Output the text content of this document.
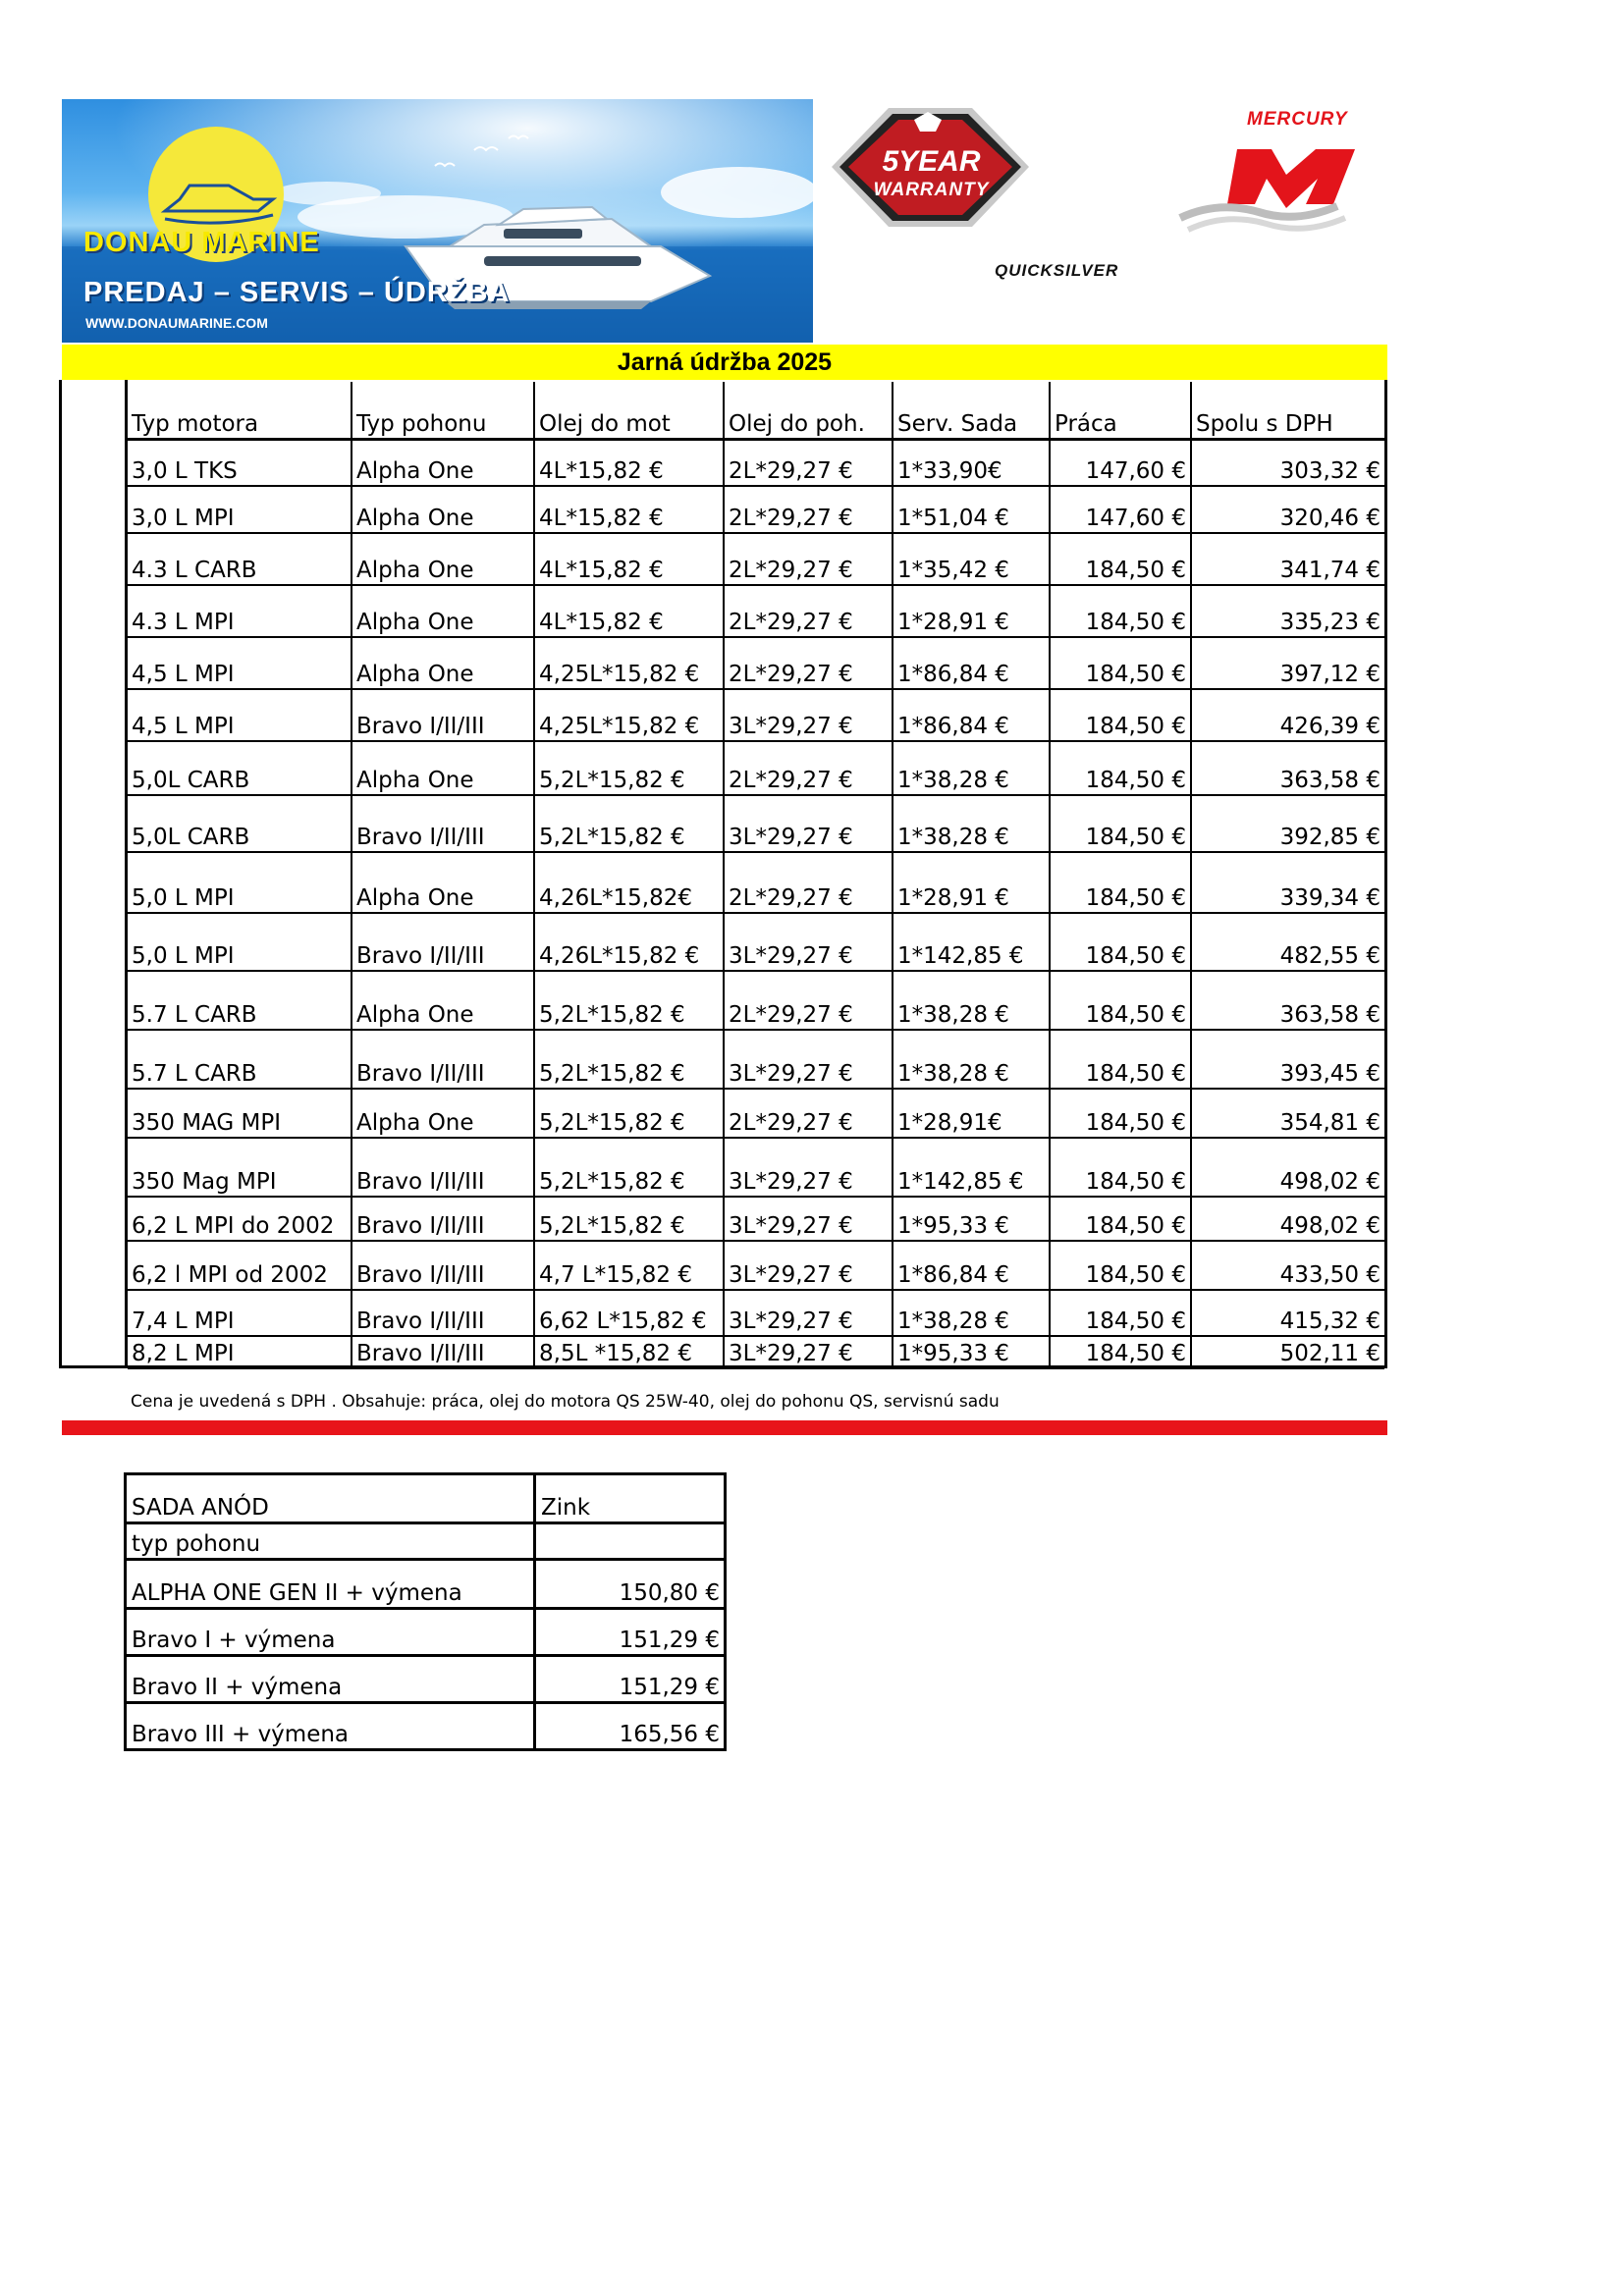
DONAU MARINE
PREDAJ – SERVIS – ÚDRŽBA
WWW.DONAUMARINE.COM
5YEAR
WARRANTY
MERCURY
QUICKSILVER
Jarná údržba 2025
Typ motora	Typ pohonu	Olej do mot	Olej do poh.	Serv. Sada	Práca	Spolu s DPH
3,0 L TKS	Alpha One	4L*15,82 €	2L*29,27 €	1*33,90€	147,60 €	303,32 €
3,0 L MPI	Alpha One	4L*15,82 €	2L*29,27 €	1*51,04 €	147,60 €	320,46 €
4.3 L CARB	Alpha One	4L*15,82 €	2L*29,27 €	1*35,42 €	184,50 €	341,74 €
4.3 L MPI	Alpha One	4L*15,82 €	2L*29,27 €	1*28,91 €	184,50 €	335,23 €
4,5 L MPI	Alpha One	4,25L*15,82 €	2L*29,27 €	1*86,84 €	184,50 €	397,12 €
4,5 L MPI	Bravo I/II/III	4,25L*15,82 €	3L*29,27 €	1*86,84 €	184,50 €	426,39 €
5,0L CARB	Alpha One	5,2L*15,82 €	2L*29,27 €	1*38,28 €	184,50 €	363,58 €
5,0L CARB	Bravo I/II/III	5,2L*15,82 €	3L*29,27 €	1*38,28 €	184,50 €	392,85 €
5,0 L MPI	Alpha One	4,26L*15,82€	2L*29,27 €	1*28,91 €	184,50 €	339,34 €
5,0 L MPI	Bravo I/II/III	4,26L*15,82 €	3L*29,27 €	1*142,85 €	184,50 €	482,55 €
5.7 L CARB	Alpha One	5,2L*15,82 €	2L*29,27 €	1*38,28 €	184,50 €	363,58 €
5.7 L CARB	Bravo I/II/III	5,2L*15,82 €	3L*29,27 €	1*38,28 €	184,50 €	393,45 €
350 MAG MPI	Alpha One	5,2L*15,82 €	2L*29,27 €	1*28,91€	184,50 €	354,81 €
350 Mag MPI	Bravo I/II/III	5,2L*15,82 €	3L*29,27 €	1*142,85 €	184,50 €	498,02 €
6,2 L MPI do 2002	Bravo I/II/III	5,2L*15,82 €	3L*29,27 €	1*95,33 €	184,50 €	498,02 €
6,2 l MPI od 2002	Bravo I/II/III	4,7 L*15,82 €	3L*29,27 €	1*86,84 €	184,50 €	433,50 €
7,4 L MPI	Bravo I/II/III	6,62 L*15,82 €	3L*29,27 €	1*38,28 €	184,50 €	415,32 €
8,2 L MPI	Bravo I/II/III	8,5L *15,82 €	3L*29,27 €	1*95,33 €	184,50 €	502,11 €
Cena je uvedená s DPH . Obsahuje: práca, olej do motora QS 25W-40, olej do pohonu QS, servisnú sadu
SADA ANÓD	Zink
typ pohonu	
ALPHA ONE GEN II + výmena	150,80 €
Bravo I + výmena	151,29 €
Bravo II + výmena	151,29 €
Bravo III + výmena	165,56 €
